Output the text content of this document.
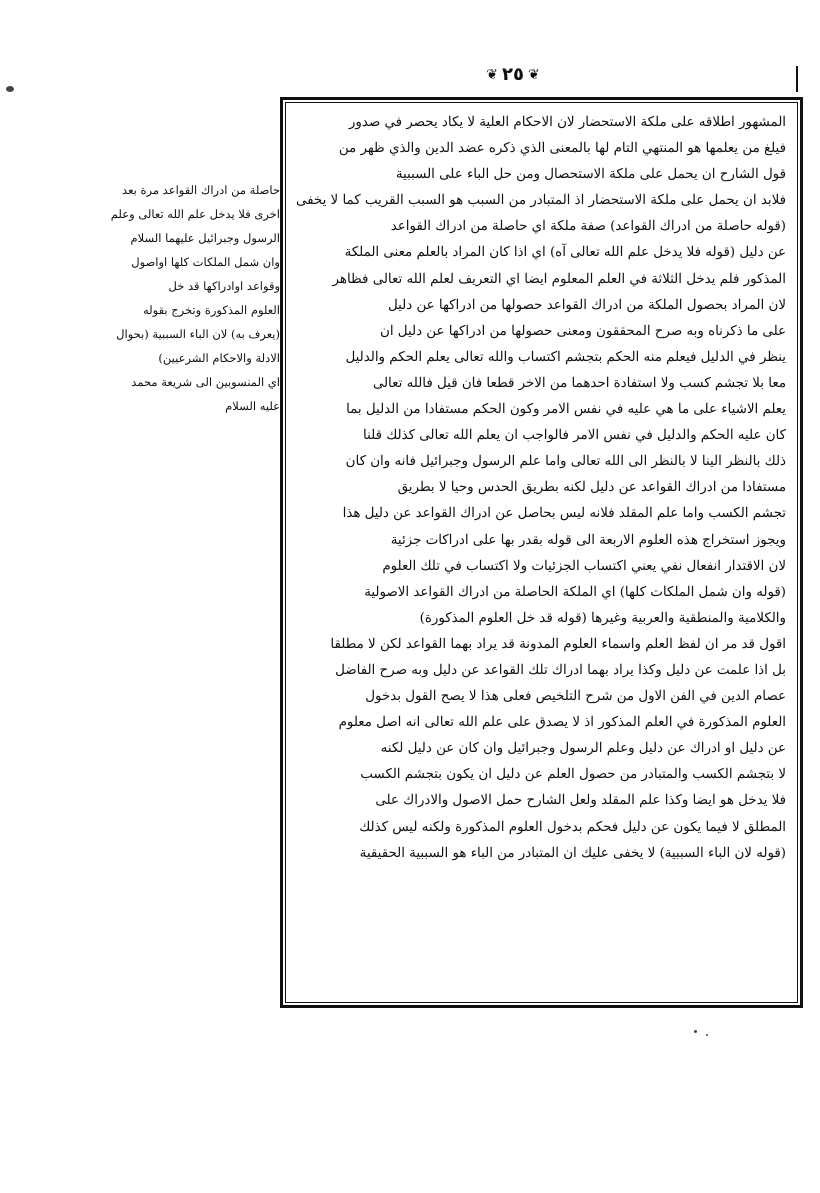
❦ ٢٥ ❦
حاصلة من ادراك القواعد مرة بعد
اخرى فلا يدخل علم الله تعالى وعلم
الرسول وجبرائيل عليهما السلام
وان شمل الملكات كلها اواصول
وقواعد اوادراكها قد خل
العلوم المذكورة وتخرج بقوله
(يعرف به) لان الباء السببية (بحوال
الادلة والاحكام الشرعيين)
اي المنسوبين الى شريعة محمد
عليه السلام
المشهور اطلاقه على ملكة الاستحضار لان الاحكام العلية لا يكاد يحصر في صدور
فيلغ من يعلمها هو المنتهي التام لها بالمعنى الذي ذكره عضد الدين والذي ظهر من
قول الشارح ان يحمل على ملكة الاستحصال ومن حل الباء على السببية
فلابد ان يحمل على ملكة الاستحضار اذ المتبادر من السبب هو السبب القريب كما لا يخفى
(قوله حاصلة من ادراك القواعد) صفة ملكة اي حاصلة من ادراك القواعد
عن دليل (قوله فلا يدخل علم الله تعالى آه) اي اذا كان المراد بالعلم معنى الملكة
المذكور فلم يدخل الثلاثة في العلم المعلوم ايضا اي التعريف لعلم الله تعالى فظاهر
لان المراد بحصول الملكة من ادراك القواعد حصولها من ادراكها عن دليل
على ما ذكرناه وبه صرح المحققون ومعنى حصولها من ادراكها عن دليل ان
ينظر في الدليل فيعلم منه الحكم بتجشم اكتساب والله تعالى يعلم الحكم والدليل
معا بلا تجشم كسب ولا استفادة احدهما من الاخر قطعا فان قيل فالله تعالى
يعلم الاشياء على ما هي عليه في نفس الامر وكون الحكم مستفادا من الدليل بما
كان عليه الحكم والدليل في نفس الامر فالواجب ان يعلم الله تعالى كذلك قلنا
ذلك بالنظر الينا لا بالنظر الى الله تعالى واما علم الرسول وجبرائيل فانه وان كان
مستفادا من ادراك القواعد عن دليل لكنه بطريق الحدس وحيا لا بطريق
تجشم الكسب واما علم المقلد فلانه ليس بحاصل عن ادراك القواعد عن دليل هذا
ويجوز استخراج هذه العلوم الاربعة الى قوله بقدر بها على ادراكات جزئية
لان الاقتدار انفعال نفي يعني اكتساب الجزئيات ولا اكتساب في تلك العلوم
(قوله وان شمل الملكات كلها) اي الملكة الحاصلة من ادراك القواعد الاصولية
والكلامية والمنطقية والعربية وغيرها (قوله قد خل العلوم المذكورة)
اقول قد مر ان لفظ العلم واسماء العلوم المدونة قد يراد بهما القواعد لكن لا مطلقا
بل اذا علمت عن دليل وكذا يراد بهما ادراك تلك القواعد عن دليل وبه صرح الفاضل
عصام الدين في الفن الاول من شرح التلخيص فعلى هذا لا يصح القول بدخول
العلوم المذكورة في العلم المذكور اذ لا يصدق على علم الله تعالى انه اصل معلوم
عن دليل او ادراك عن دليل وعلم الرسول وجبرائيل وان كان عن دليل لكنه
لا بتجشم الكسب والمتبادر من حصول العلم عن دليل ان يكون بتجشم الكسب
فلا يدخل هو ايضا وكذا علم المقلد ولعل الشارح حمل الاصول والادراك على
المطلق لا فيما يكون عن دليل فحكم بدخول العلوم المذكورة ولكنه ليس كذلك
(قوله لان الباء السببية) لا يخفى عليك ان المتبادر من الباء هو السببية الحقيقية
